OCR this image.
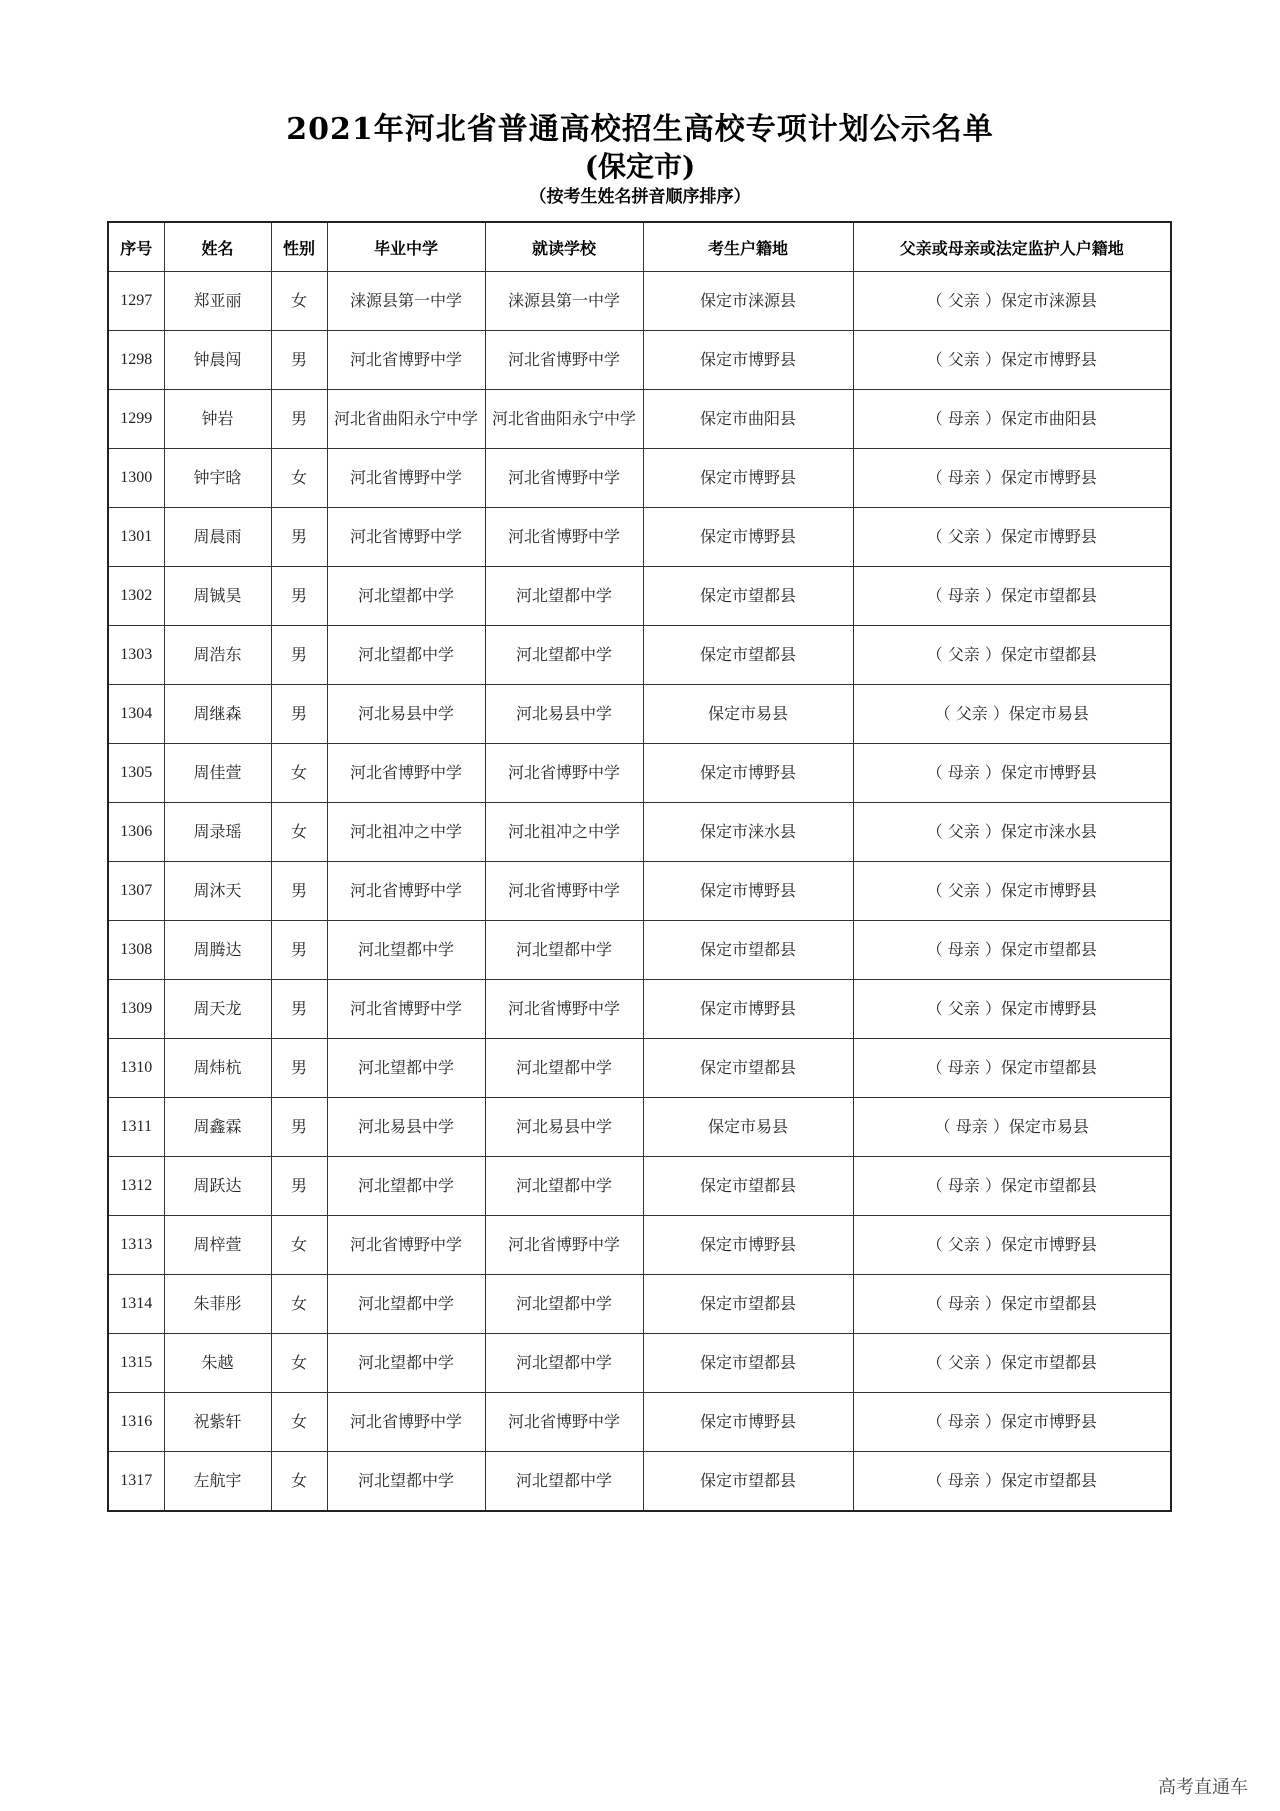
2021年河北省普通高校招生高校专项计划公示名单
(保定市)
（按考生姓名拼音顺序排序）
序号	姓名	性别	毕业中学	就读学校	考生户籍地	父亲或母亲或法定监护人户籍地
1297	郑亚丽	女	涞源县第一中学	涞源县第一中学	保定市涞源县	（ 父亲 ）保定市涞源县
1298	钟晨闯	男	河北省博野中学	河北省博野中学	保定市博野县	（ 父亲 ）保定市博野县
1299	钟岩	男	河北省曲阳永宁中学	河北省曲阳永宁中学	保定市曲阳县	（ 母亲 ）保定市曲阳县
1300	钟宇晗	女	河北省博野中学	河北省博野中学	保定市博野县	（ 母亲 ）保定市博野县
1301	周晨雨	男	河北省博野中学	河北省博野中学	保定市博野县	（ 父亲 ）保定市博野县
1302	周铖昊	男	河北望都中学	河北望都中学	保定市望都县	（ 母亲 ）保定市望都县
1303	周浩东	男	河北望都中学	河北望都中学	保定市望都县	（ 父亲 ）保定市望都县
1304	周继森	男	河北易县中学	河北易县中学	保定市易县	（ 父亲 ）保定市易县
1305	周佳萱	女	河北省博野中学	河北省博野中学	保定市博野县	（ 母亲 ）保定市博野县
1306	周录瑶	女	河北祖冲之中学	河北祖冲之中学	保定市涞水县	（ 父亲 ）保定市涞水县
1307	周沐天	男	河北省博野中学	河北省博野中学	保定市博野县	（ 父亲 ）保定市博野县
1308	周腾达	男	河北望都中学	河北望都中学	保定市望都县	（ 母亲 ）保定市望都县
1309	周天龙	男	河北省博野中学	河北省博野中学	保定市博野县	（ 父亲 ）保定市博野县
1310	周炜杭	男	河北望都中学	河北望都中学	保定市望都县	（ 母亲 ）保定市望都县
1311	周鑫霖	男	河北易县中学	河北易县中学	保定市易县	（ 母亲 ）保定市易县
1312	周跃达	男	河北望都中学	河北望都中学	保定市望都县	（ 母亲 ）保定市望都县
1313	周梓萱	女	河北省博野中学	河北省博野中学	保定市博野县	（ 父亲 ）保定市博野县
1314	朱菲彤	女	河北望都中学	河北望都中学	保定市望都县	（ 母亲 ）保定市望都县
1315	朱越	女	河北望都中学	河北望都中学	保定市望都县	（ 父亲 ）保定市望都县
1316	祝紫轩	女	河北省博野中学	河北省博野中学	保定市博野县	（ 母亲 ）保定市博野县
1317	左航宇	女	河北望都中学	河北望都中学	保定市望都县	（ 母亲 ）保定市望都县
高考直通车
